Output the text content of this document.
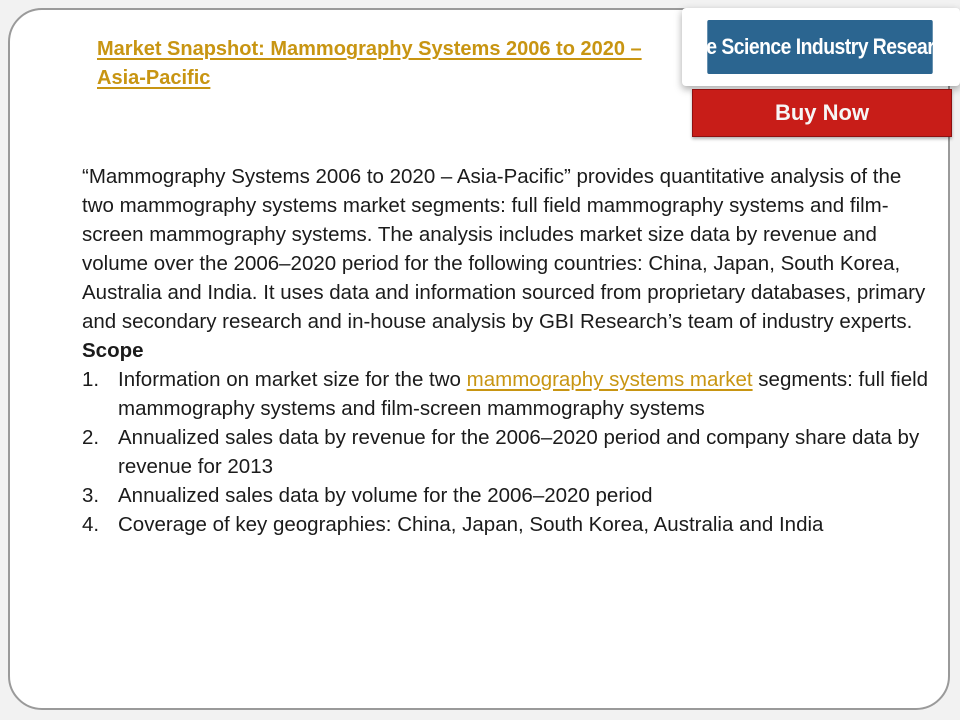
Market Snapshot: Mammography Systems 2006 to 2020 – Asia-Pacific
Life Science Industry Research
Buy Now

“Mammography Systems 2006 to 2020 – Asia-Pacific” provides quantitative analysis of the two mammography systems market segments: full field mammography systems and film-screen mammography systems. The analysis includes market size data by revenue and volume over the 2006–2020 period for the following countries: China, Japan, South Korea, Australia and India. It uses data and information sourced from proprietary databases, primary and secondary research and in-house analysis by GBI Research’s team of industry experts.

Scope
1. Information on market size for the two mammography systems market segments: full field mammography systems and film-screen mammography systems
2. Annualized sales data by revenue for the 2006–2020 period and company share data by revenue for 2013
3. Annualized sales data by volume for the 2006–2020 period
4. Coverage of key geographies: China, Japan, South Korea, Australia and India
